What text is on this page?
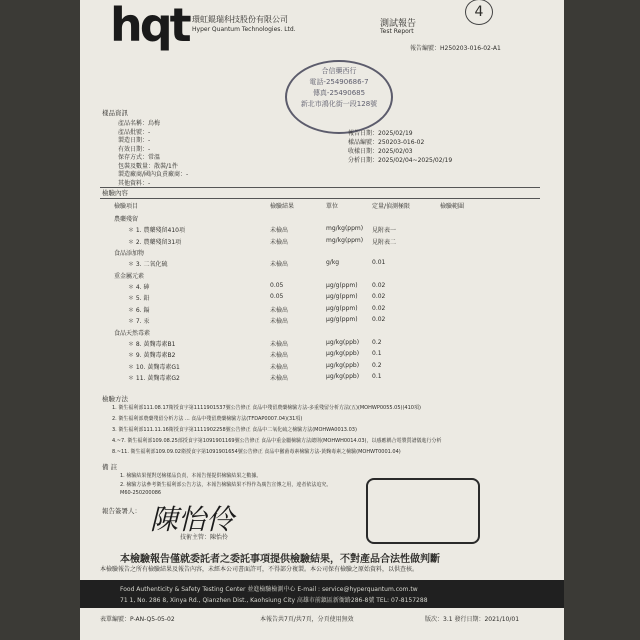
hqt 環虹錕瑞科技股份有限公司
Hyper Quantum Technologies. Ltd.
測試報告
Test Report
4
報告編號：H250203-016-02-A1
合信藥西行
電話-25490686-7
傳真-25490685
新北市鴻化街一段128號
樣品資訊
檢驗內容
檢驗方法
備 註
報告簽署人： 陳怡伶
技術主管：陳怡伶
本檢驗報告僅就委託者之委託事項提供檢驗結果，不對產品合法性做判斷
本檢驗報告之所有檢驗結果及報告內容，未經本公司書面許可，不得部分複製。本公司保有檢驗之原始資料，以供查核。
Food Authenticity & Safety Testing Center 並進檢驗檢測中心 E-mail : service@hyperquantum.com.tw
71 1, No. 286 8, Xinya Rd., Qianzhen Dist., Kaohsiung City 高雄市前鎮區新衙路286-8號 TEL: 07-8157288
表單編號：P-AN-Q5-05-02	本報告共7頁/共7頁，分頁使用無效	版次：3.1 發行日期：2021/10/01
產品名稱：烏梅
產品批號：-
製造日期：-
有效日期：-
保存方式：常溫
包裝及數量：散裝/1件
製造廠商/國內負責廠商：-
其他資料：-
報告日期：2025/02/19
樣品編號：250203-016-02
收樣日期：2025/02/03
分析日期：2025/02/04~2025/02/19
檢驗項目	檢驗結果	單位	定量/偵測極限	檢驗範圍
農藥殘留
＊ 1. 農藥殘留410項	未檢出	mg/kg(ppm) 見附表一
＊ 2. 農藥殘留31項	未檢出	mg/kg(ppm) 見附表二
食品添加物
＊ 3. 二氧化硫	未檢出	g/kg	0.01
重金屬元素
＊ 4. 砷	0.05	μg/g(ppm) 0.02
＊ 5. 鉛	0.05	μg/g(ppm) 0.02
＊ 6. 鎘	未檢出	μg/g(ppm) 0.02
＊ 7. 汞	未檢出	μg/g(ppm) 0.02
食品天然毒素
＊ 8. 黃麴毒素B1	未檢出	μg/kg(ppb) 0.2
＊ 9. 黃麴毒素B2	未檢出	μg/kg(ppb) 0.1
＊ 10. 黃麴毒素G1	未檢出	μg/kg(ppb) 0.2
＊ 11. 黃麴毒素G2	未檢出	μg/kg(ppb) 0.1
1. 衛生福利部111.08.17衛授食字第1111901537號公告修正 食品中殘留農藥檢驗方法-多重殘留分析方法(五)(MOHWP0055.05)(410項)
2. 衛生福利部農藥殘留分析方法 ... 食品中殘留農藥檢驗方法(TFDAP0007.04)(31項)
3. 衛生福利部111.11.16衛授食字第1111902258號公告修正 食品中二氧化硫之檢驗方法(MOHWA0013.03)
4.~7. 衛生福利部109.08.25部授食字第1091901169號公告修正 食品中重金屬檢驗方法總則(MOHWH0014.03)，以感應耦合電漿質譜儀進行分析
8.~11. 衛生福利部109.09.02衛授食字第1091901654號公告修正 食品中黴菌毒素檢驗方法-黃麴毒素之檢驗(MOHWT0001.04)
1. 檢驗結果僅對送檢樣品負責，本報告僅提供檢驗結果之數據。
2. 檢驗方法參考衛生福利部公告方法，本報告檢驗結果不得作為廣告宣傳之用，違者依法追究。
M60-250200086
